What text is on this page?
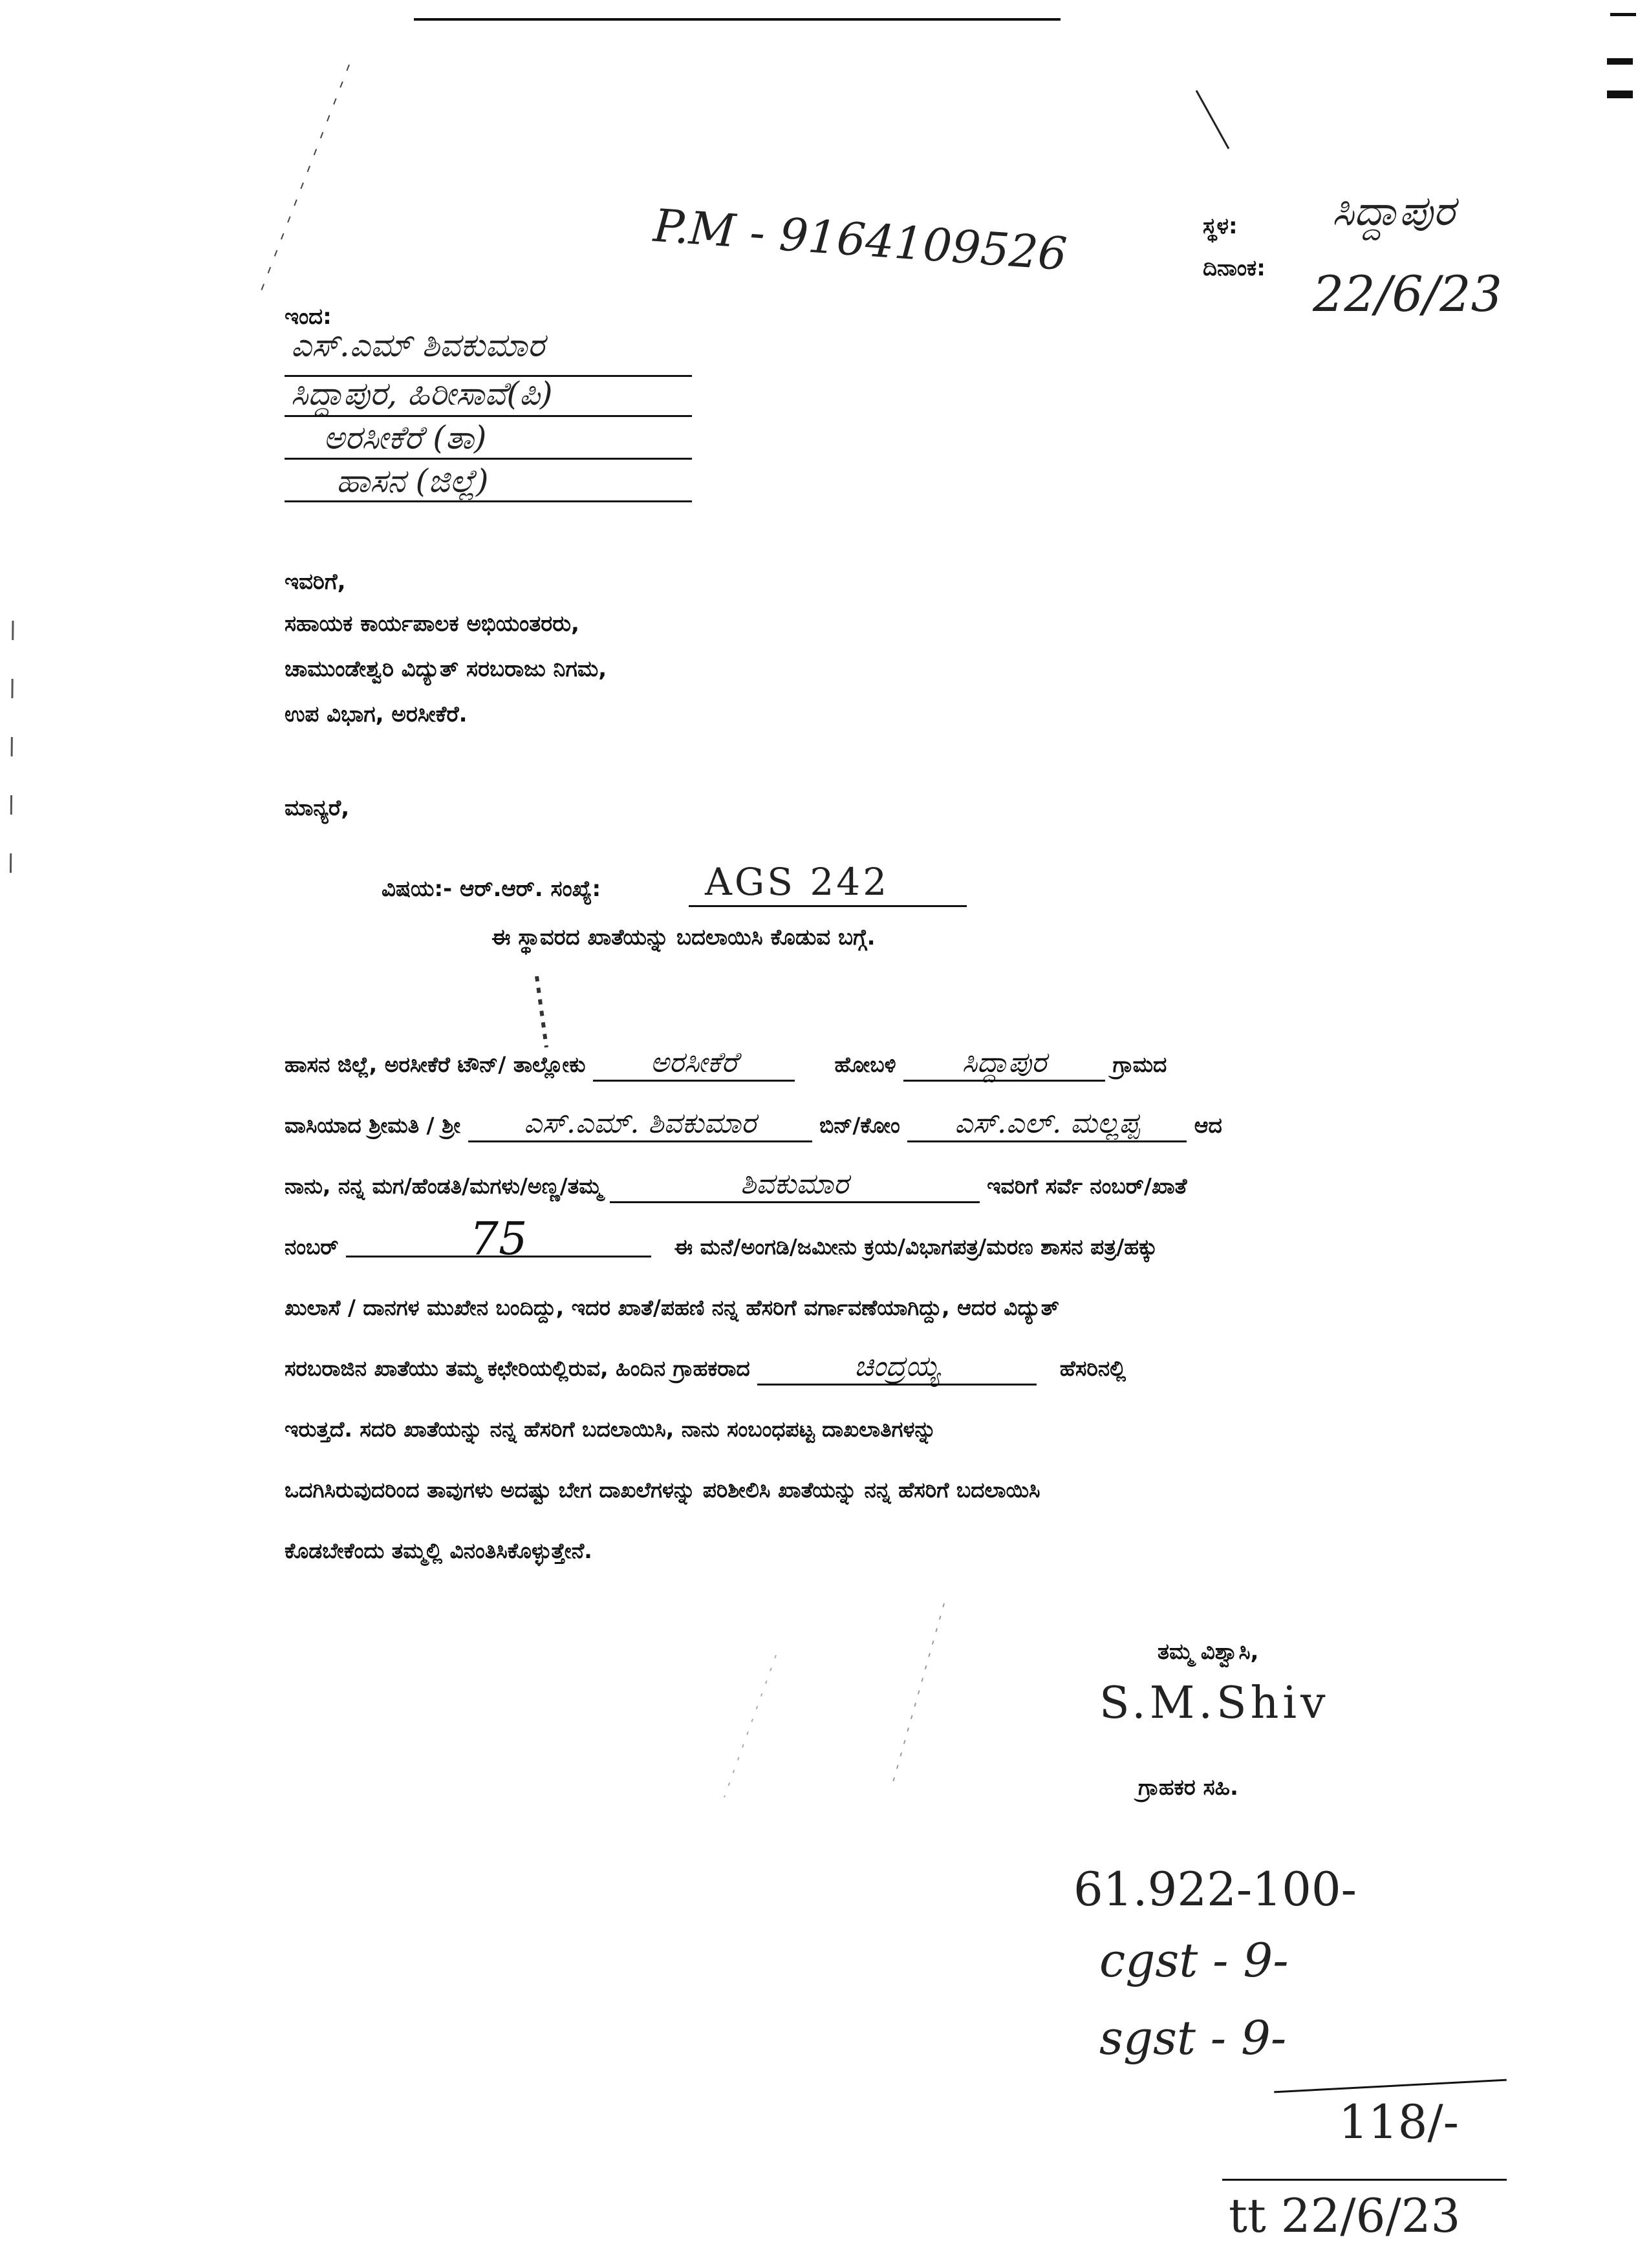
P.M - 9164109526	ಸ್ಥಳ: ಸಿದ್ದಾಪುರ
ದಿನಾಂಕ: 22/6/23
ಇಂದ:
ಎಸ್.ಎಮ್ ಶಿವಕುಮಾರ
ಸಿದ್ದಾಪುರ, ಹಿರೀಸಾವೆ(ಪಿ)
ಅರಸೀಕೆರೆ (ತಾ)
ಹಾಸನ (ಜಿಲ್ಲೆ)
ಇವರಿಗೆ,
ಸಹಾಯಕ ಕಾರ್ಯಪಾಲಕ ಅಭಿಯಂತರರು,
ಚಾಮುಂಡೇಶ್ವರಿ ವಿದ್ಯುತ್ ಸರಬರಾಜು ನಿಗಮ,
ಉಪ ವಿಭಾಗ, ಅರಸೀಕೆರೆ.
ಮಾನ್ಯರೆ,
ವಿಷಯ:- ಆರ್.ಆರ್. ಸಂಖ್ಯೆ:	AGS 242
ಈ ಸ್ಥಾವರದ ಖಾತೆಯನ್ನು ಬದಲಾಯಿಸಿ ಕೊಡುವ ಬಗ್ಗೆ.
ಹಾಸನ ಜಿಲ್ಲೆ, ಅರಸೀಕೆರೆ ಟೌನ್/ ತಾಲ್ಲೋಕು ಅರಸೀಕೆರೆ	ಹೋಬಳಿ ಸಿದ್ದಾಪುರ	ಗ್ರಾಮದ
ವಾಸಿಯಾದ ಶ್ರೀಮತಿ / ಶ್ರೀ ಎಸ್.ಎಮ್. ಶಿವಕುಮಾರ	ಬಿನ್/ಕೋಂ ಎಸ್.ಎಲ್. ಮಲ್ಲಪ್ಪ	ಆದ
ನಾನು, ನನ್ನ ಮಗ/ಹೆಂಡತಿ/ಮಗಳು/ಅಣ್ಣ/ತಮ್ಮ	ಶಿವಕುಮಾರ	ಇವರಿಗೆ ಸರ್ವೆ ನಂಬರ್/ಖಾತೆ
ನಂಬರ್	75	ಈ ಮನೆ/ಅಂಗಡಿ/ಜಮೀನು ಕ್ರಯ/ವಿಭಾಗಪತ್ರ/ಮರಣ ಶಾಸನ ಪತ್ರ/ಹಕ್ಕು
ಖುಲಾಸೆ / ದಾನಗಳ ಮುಖೇನ ಬಂದಿದ್ದು, ಇದರ ಖಾತೆ/ಪಹಣಿ ನನ್ನ ಹೆಸರಿಗೆ ವರ್ಗಾವಣೆಯಾಗಿದ್ದು, ಆದರ ವಿದ್ಯುತ್
ಸರಬರಾಜಿನ ಖಾತೆಯು ತಮ್ಮ ಕಛೇರಿಯಲ್ಲಿರುವ, ಹಿಂದಿನ ಗ್ರಾಹಕರಾದ	ಚಿಂದ್ರಯ್ಯ	ಹೆಸರಿನಲ್ಲಿ
ಇರುತ್ತದೆ. ಸದರಿ ಖಾತೆಯನ್ನು ನನ್ನ ಹೆಸರಿಗೆ ಬದಲಾಯಿಸಿ, ನಾನು ಸಂಬಂಧಪಟ್ಟ ದಾಖಲಾತಿಗಳನ್ನು
ಒದಗಿಸಿರುವುದರಿಂದ ತಾವುಗಳು ಅದಷ್ಟು ಬೇಗ ದಾಖಲೆಗಳನ್ನು ಪರಿಶೀಲಿಸಿ ಖಾತೆಯನ್ನು ನನ್ನ ಹೆಸರಿಗೆ ಬದಲಾಯಿಸಿ
ಕೊಡಬೇಕೆಂದು ತಮ್ಮಲ್ಲಿ ವಿನಂತಿಸಿಕೊಳ್ಳುತ್ತೇನೆ.
ತಮ್ಮ ವಿಶ್ವಾಸಿ,
S.M.Shiv
ಗ್ರಾಹಕರ ಸಹಿ.
61.922-100-
cgst - 9-
sgst - 9-
118/-
tt 22/6/23
